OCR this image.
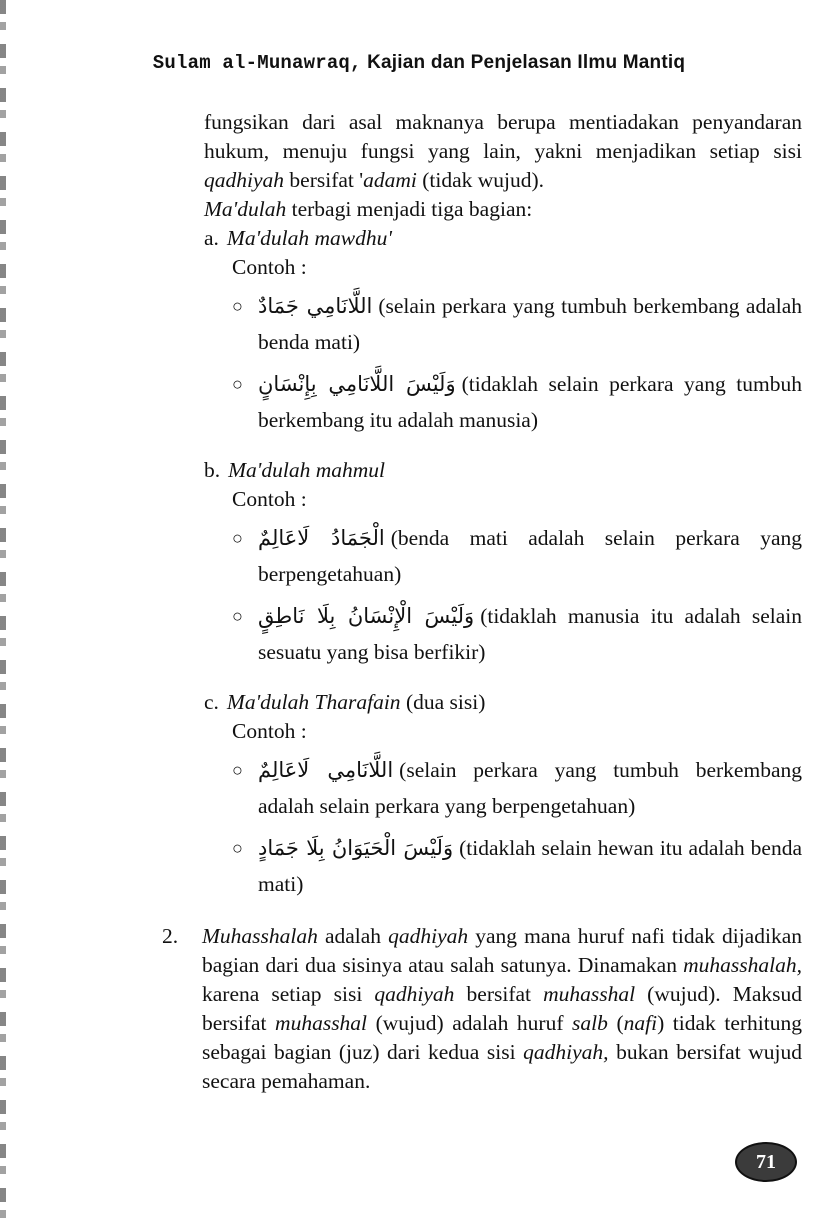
Sulam al-Munawraq, Kajian dan Penjelasan Ilmu Mantiq
fungsikan dari asal maknanya berupa mentiadakan penyandaran hukum, menuju fungsi yang lain, yakni menjadikan setiap sisi qadhiyah bersifat 'adami (tidak wujud).
Ma'dulah terbagi menjadi tiga bagian:
a. Ma'dulah mawdhu'
Contoh :
○ اللَّانَامِي جَمَادٌ (selain perkara yang tumbuh berkembang adalah benda mati)
○ وَلَيْسَ اللَّانَامِي بِإِنْسَانٍ (tidaklah selain perkara yang tumbuh berkembang itu adalah manusia)
b. Ma'dulah mahmul
Contoh :
○ الْجَمَادُ لَاعَالِمٌ (benda mati adalah selain perkara yang berpengetahuan)
○ وَلَيْسَ الْإِنْسَانُ بِلَا نَاطِقٍ (tidaklah manusia itu adalah selain sesuatu yang bisa berfikir)
c. Ma'dulah Tharafain (dua sisi)
Contoh :
○ اللَّانَامِي لَاعَالِمٌ (selain perkara yang tumbuh berkembang adalah selain perkara yang berpengetahuan)
○ وَلَيْسَ الْحَيَوَانُ بِلَا جَمَادٍ (tidaklah selain hewan itu adalah benda mati)
2.	Muhasshalah adalah qadhiyah yang mana huruf nafi tidak dijadikan bagian dari dua sisinya atau salah satunya. Dinamakan muhasshalah, karena setiap sisi qadhiyah bersifat muhasshal (wujud). Maksud bersifat muhasshal (wujud) adalah huruf salb (nafi) tidak terhitung sebagai bagian (juz) dari kedua sisi qadhiyah, bukan bersifat wujud secara pemahaman.
71
